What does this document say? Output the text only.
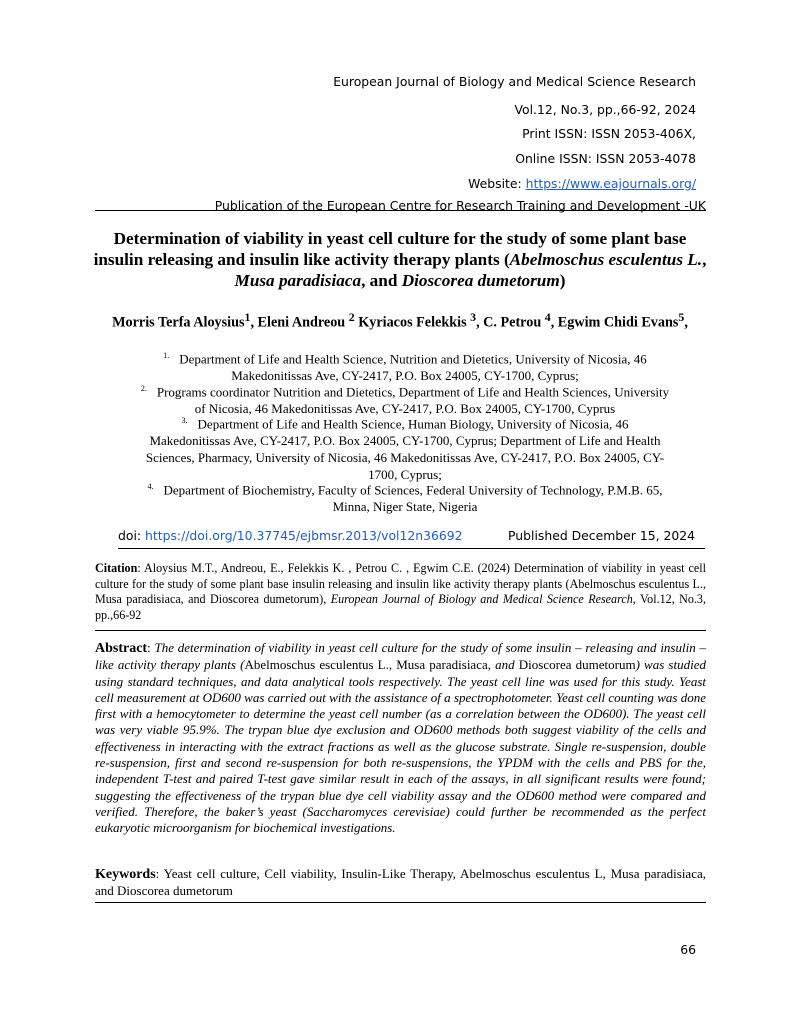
European Journal of Biology and Medical Science Research
Vol.12, No.3, pp.,66-92, 2024
Print ISSN: ISSN 2053-406X,
Online ISSN: ISSN 2053-4078
Website: https://www.eajournals.org/
Publication of the European Centre for Research Training and Development -UK
Determination of viability in yeast cell culture for the study of some plant base insulin releasing and insulin like activity therapy plants (Abelmoschus esculentus L., Musa paradisiaca, and Dioscorea dumetorum)
Morris Terfa Aloysius$^1$, Eleni Andreou $^2$ Kyriacos Felekkis $^3$, C. Petrou $^4$, Egwim Chidi Evans$^5$,
$^{1.}$ Department of Life and Health Science, Nutrition and Dietetics, University of Nicosia, 46 Makedonitissas Ave, CY-2417, P.O. Box 24005, CY-1700, Cyprus;
$^{2.}$ Programs coordinator Nutrition and Dietetics, Department of Life and Health Sciences, University of Nicosia, 46 Makedonitissas Ave, CY-2417, P.O. Box 24005, CY-1700, Cyprus
$^{3.}$ Department of Life and Health Science, Human Biology, University of Nicosia, 46 Makedonitissas Ave, CY-2417, P.O. Box 24005, CY-1700, Cyprus; Department of Life and Health Sciences, Pharmacy, University of Nicosia, 46 Makedonitissas Ave, CY-2417, P.O. Box 24005, CY-1700, Cyprus;
$^{4.}$ Department of Biochemistry, Faculty of Sciences, Federal University of Technology, P.M.B. 65, Minna, Niger State, Nigeria
doi: https://doi.org/10.37745/ejbmsr.2013/vol12n36692	Published December 15, 2024
Citation: Aloysius M.T., Andreou, E., Felekkis K. , Petrou C. , Egwim C.E. (2024) Determination of viability in yeast cell culture for the study of some plant base insulin releasing and insulin like activity therapy plants (Abelmoschus esculentus L., Musa paradisiaca, and Dioscorea dumetorum), European Journal of Biology and Medical Science Research, Vol.12, No.3, pp.,66-92
Abstract: The determination of viability in yeast cell culture for the study of some insulin – releasing and insulin – like activity therapy plants (Abelmoschus esculentus L., Musa paradisiaca, and Dioscorea dumetorum) was studied using standard techniques, and data analytical tools respectively. The yeast cell line was used for this study. Yeast cell measurement at OD600 was carried out with the assistance of a spectrophotometer. Yeast cell counting was done first with a hemocytometer to determine the yeast cell number (as a correlation between the OD600). The yeast cell was very viable 95.9%. The trypan blue dye exclusion and OD600 methods both suggest viability of the cells and effectiveness in interacting with the extract fractions as well as the glucose substrate. Single re-suspension, double re-suspension, first and second re-suspension for both re-suspensions, the YPDM with the cells and PBS for the, independent T-test and paired T-test gave similar result in each of the assays, in all significant results were found; suggesting the effectiveness of the trypan blue dye cell viability assay and the OD600 method were compared and verified. Therefore, the baker’s yeast (Saccharomyces cerevisiae) could further be recommended as the perfect eukaryotic microorganism for biochemical investigations.
Keywords: Yeast cell culture, Cell viability, Insulin-Like Therapy, Abelmoschus esculentus L, Musa paradisiaca, and Dioscorea dumetorum
66
